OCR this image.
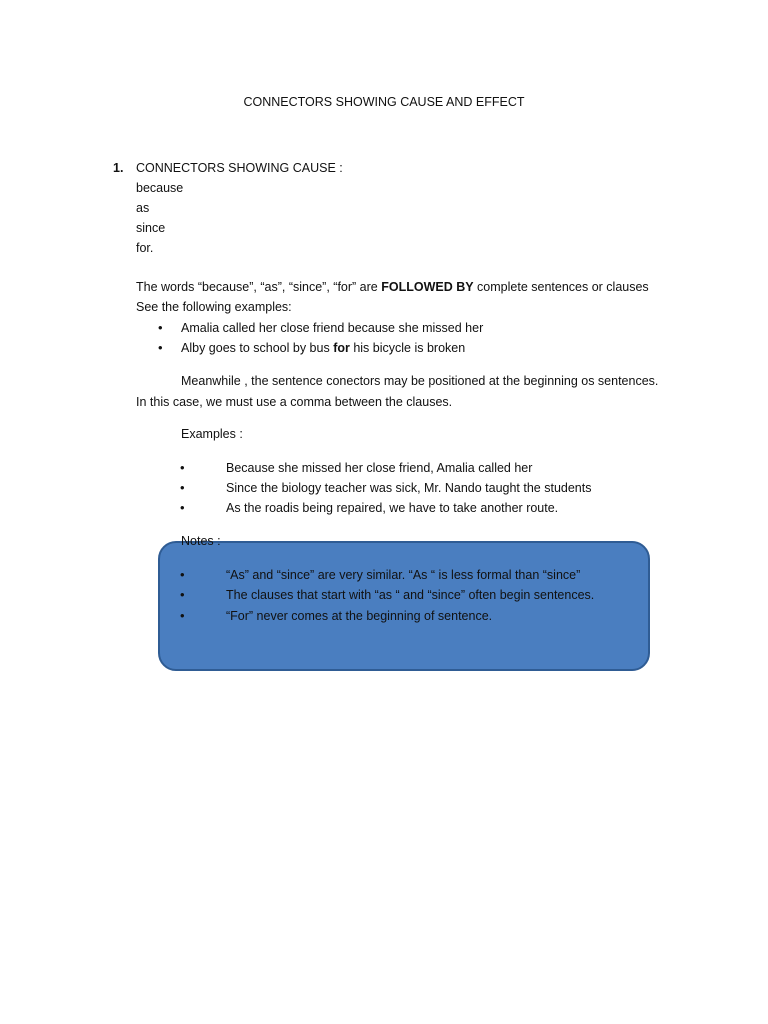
CONNECTORS SHOWING CAUSE AND EFFECT
1. CONNECTORS SHOWING CAUSE :
because
as
since
for.
The words “because”, “as”, “since”, “for” are FOLLOWED BY complete sentences or clauses
See the following examples:
• Amalia called her close friend because she missed her
• Alby goes to school by bus for his bicycle is broken
Meanwhile , the sentence conectors may be positioned at the beginning os sentences.
In this case, we must use a comma between the clauses.
Examples :
•	Because she missed her close friend, Amalia called her
•	Since the biology teacher was sick, Mr. Nando taught the students
•	As the roadis being repaired, we have to take another route.
Notes :
•	“As” and “since” are very similar. “As “ is less formal than “since”
•	The clauses that start with “as “ and “since” often begin sentences.
•	“For” never comes at the beginning of sentence.
